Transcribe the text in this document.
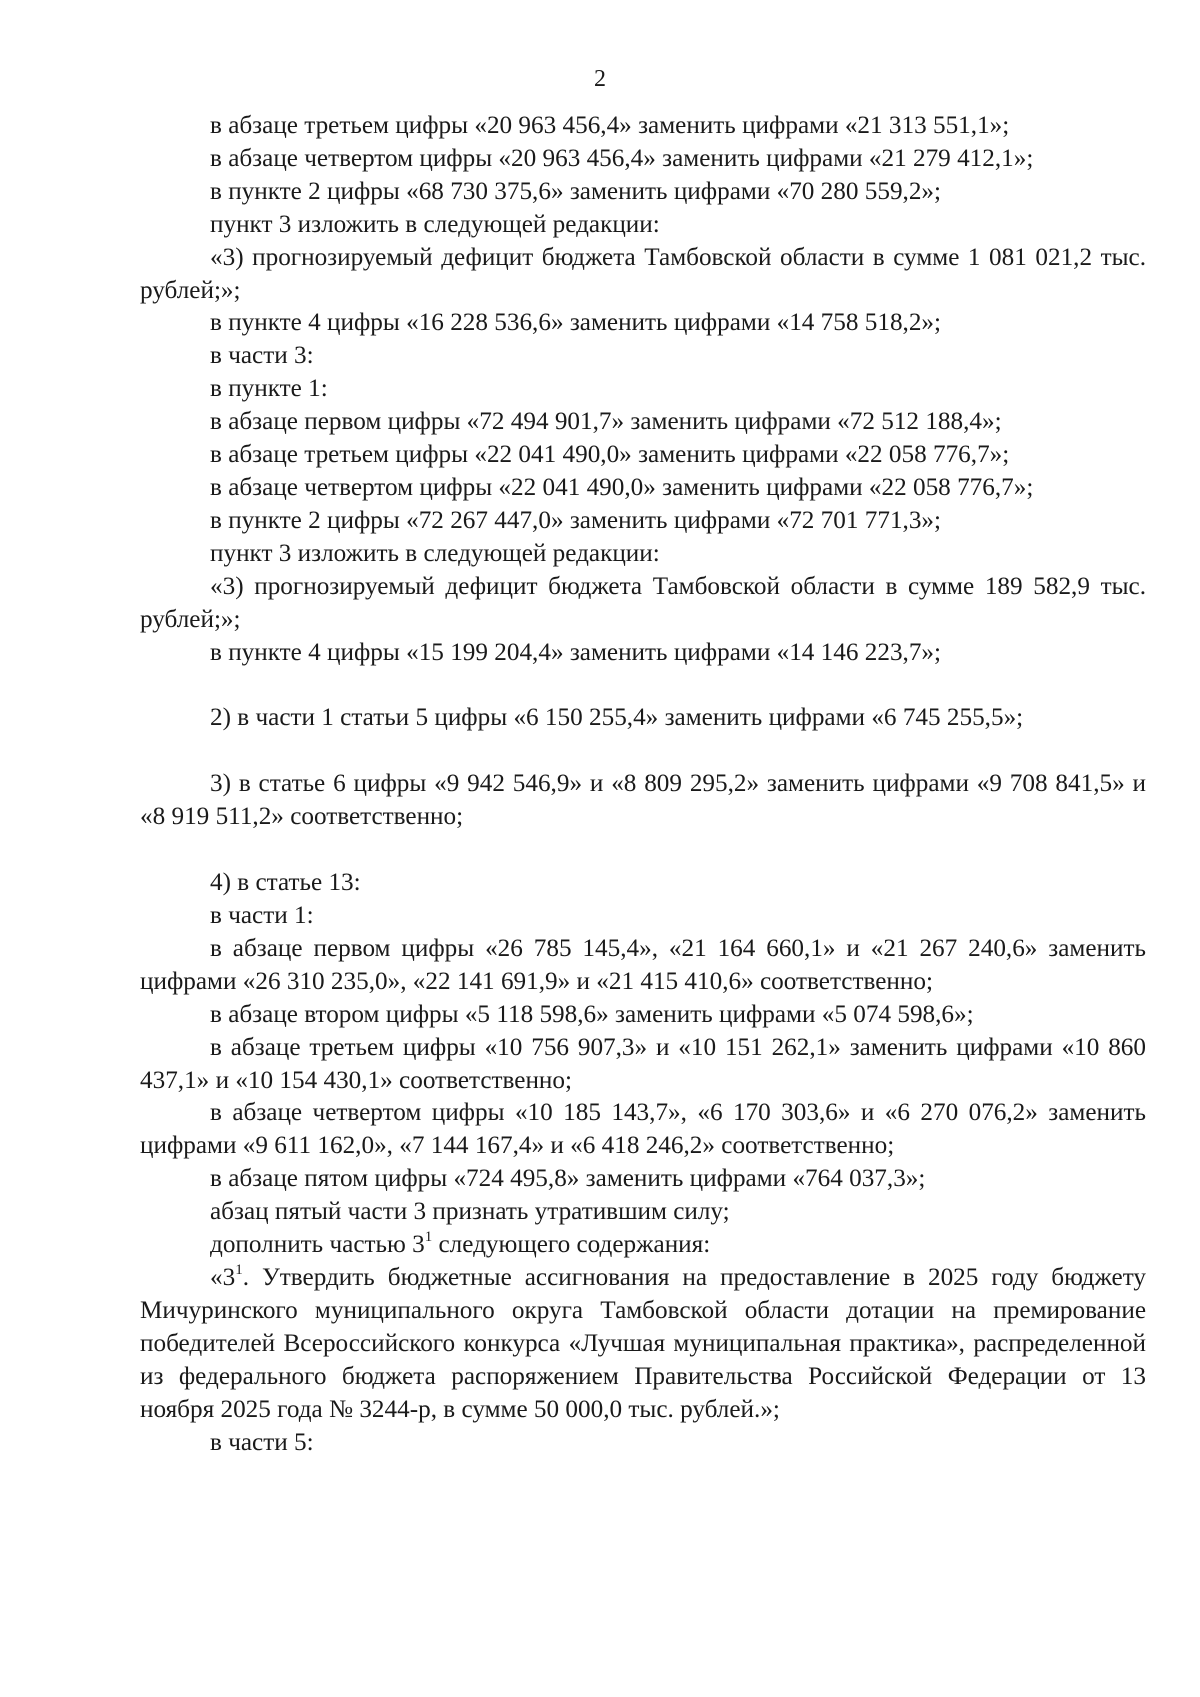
2

в абзаце третьем цифры «20 963 456,4» заменить цифрами «21 313 551,1»;

в абзаце четвертом цифры «20 963 456,4» заменить цифрами «21 279 412,1»;

в пункте 2 цифры «68 730 375,6» заменить цифрами «70 280 559,2»;

пункт 3 изложить в следующей редакции:

«3) прогнозируемый дефицит бюджета Тамбовской области в сумме 1 081 021,2 тыс. рублей;»;

в пункте 4 цифры «16 228 536,6» заменить цифрами «14 758 518,2»;

в части 3:

в пункте 1:

в абзаце первом цифры «72 494 901,7» заменить цифрами «72 512 188,4»;

в абзаце третьем цифры «22 041 490,0» заменить цифрами «22 058 776,7»;

в абзаце четвертом цифры «22 041 490,0» заменить цифрами «22 058 776,7»;

в пункте 2 цифры «72 267 447,0» заменить цифрами «72 701 771,3»;

пункт 3 изложить в следующей редакции:

«3) прогнозируемый дефицит бюджета Тамбовской области в сумме 189 582,9 тыс. рублей;»;

в пункте 4 цифры «15 199 204,4» заменить цифрами «14 146 223,7»;

2) в части 1 статьи 5 цифры «6 150 255,4» заменить цифрами «6 745 255,5»;

3) в статье 6 цифры «9 942 546,9» и «8 809 295,2» заменить цифрами «9 708 841,5» и «8 919 511,2» соответственно;

4) в статье 13:

в части 1:

в абзаце первом цифры «26 785 145,4», «21 164 660,1» и «21 267 240,6» заменить цифрами «26 310 235,0», «22 141 691,9» и «21 415 410,6» соответственно;

в абзаце втором цифры «5 118 598,6» заменить цифрами «5 074 598,6»;

в абзаце третьем цифры «10 756 907,3» и «10 151 262,1» заменить цифрами «10 860 437,1» и «10 154 430,1» соответственно;

в абзаце четвертом цифры «10 185 143,7», «6 170 303,6» и «6 270 076,2» заменить цифрами «9 611 162,0», «7 144 167,4» и «6 418 246,2» соответственно;

в абзаце пятом цифры «724 495,8» заменить цифрами «764 037,3»;

абзац пятый части 3 признать утратившим силу;

дополнить частью $3^1$ следующего содержания:

«$3^1$. Утвердить бюджетные ассигнования на предоставление в 2025 году бюджету Мичуринского муниципального округа Тамбовской области дотации на премирование победителей Всероссийского конкурса «Лучшая муниципальная практика», распределенной из федерального бюджета распоряжением Правительства Российской Федерации от 13 ноября 2025 года № 3244-р, в сумме 50 000,0 тыс. рублей.»;

в части 5:
